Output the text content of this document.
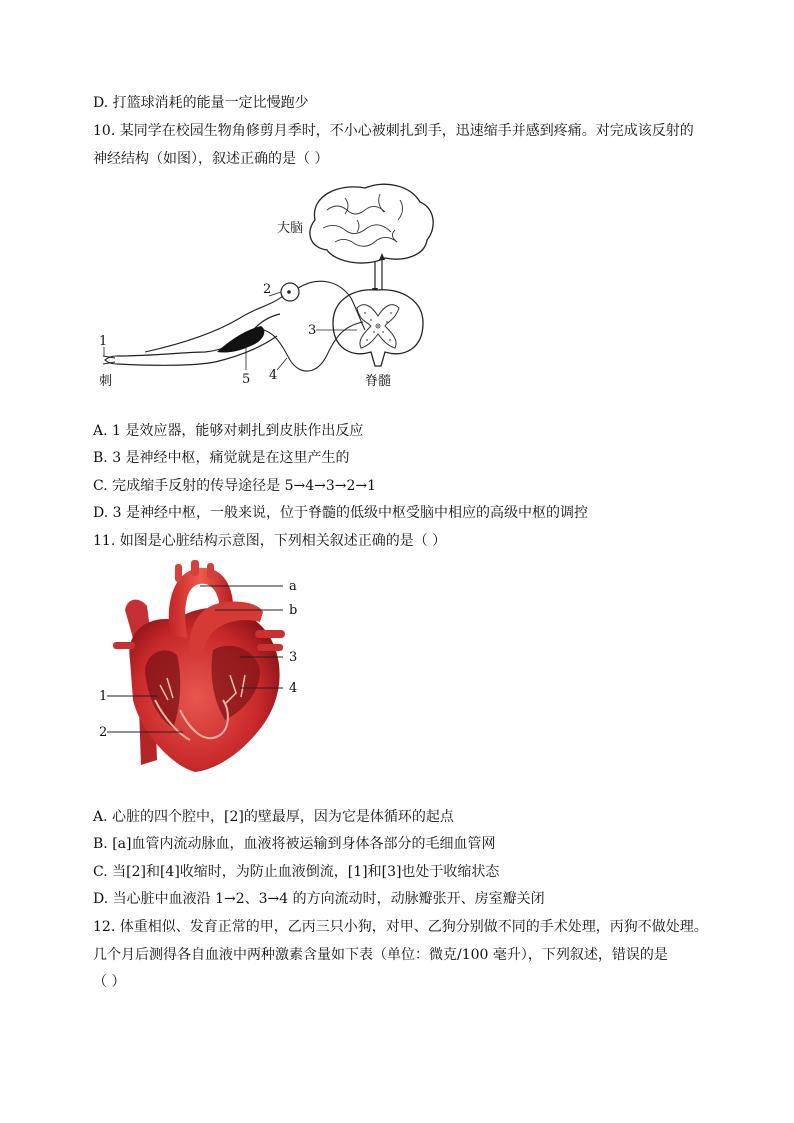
D. 打篮球消耗的能量一定比慢跑少
10. 某同学在校园生物角修剪月季时，不小心被刺扎到手，迅速缩手并感到疼痛。对完成该反射的
神经结构（如图），叙述正确的是（ ）
大脑
脊髓
2
3
1
5 4
刺
A. 1 是效应器，能够对刺扎到皮肤作出反应
B. 3 是神经中枢，痛觉就是在这里产生的
C. 完成缩手反射的传导途径是 5→4→3→2→1
D. 3 是神经中枢，一般来说，位于脊髓的低级中枢受脑中相应的高级中枢的调控
11. 如图是心脏结构示意图，下列相关叙述正确的是（ ）
a
b
3
4
1
2
A. 心脏的四个腔中，[2]的壁最厚，因为它是体循环的起点
B. [a]血管内流动脉血，血液将被运输到身体各部分的毛细血管网
C. 当[2]和[4]收缩时，为防止血液倒流，[1]和[3]也处于收缩状态
D. 当心脏中血液沿 1→2、3→4 的方向流动时，动脉瓣张开、房室瓣关闭
12. 体重相似、发育正常的甲，乙丙三只小狗，对甲、乙狗分别做不同的手术处理，丙狗不做处理。
几个月后测得各自血液中两种激素含量如下表（单位：微克/100 毫升），下列叙述，错误的是
（ ）
